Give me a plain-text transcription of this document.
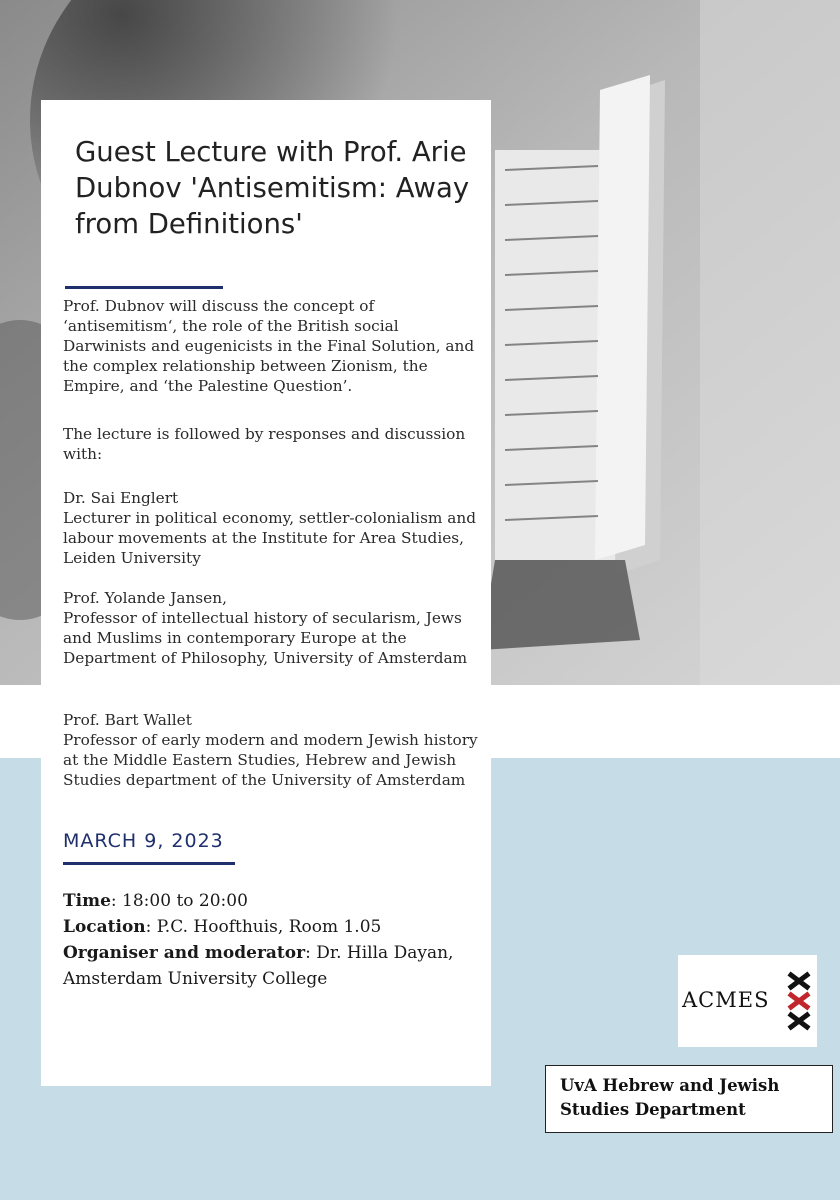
Guest Lecture with Prof. Arie Dubnov 'Antisemitism: Away from Definitions'

Prof. Dubnov will discuss the concept of ‘antisemitism‘, the role of the British social Darwinists and eugenicists in the Final Solution, and the complex relationship between Zionism, the Empire, and ‘the Palestine Question’.

The lecture is followed by responses and discussion with:

Dr. Sai Englert
Lecturer in political economy, settler-colonialism and labour movements at the Institute for Area Studies, Leiden University
Prof. Yolande Jansen,
Professor of intellectual history of secularism, Jews and Muslims in contemporary Europe at the Department of Philosophy, University of Amsterdam
Prof. Bart Wallet
Professor of early modern and modern Jewish history at the Middle Eastern Studies, Hebrew and Jewish Studies department of the University of Amsterdam
MARCH 9, 2023
Time: 18:00 to 20:00
Location: P.C. Hoofthuis, Room 1.05
Organiser and moderator: Dr. Hilla Dayan, Amsterdam University College
ACMES
UvA Hebrew and Jewish Studies Department
